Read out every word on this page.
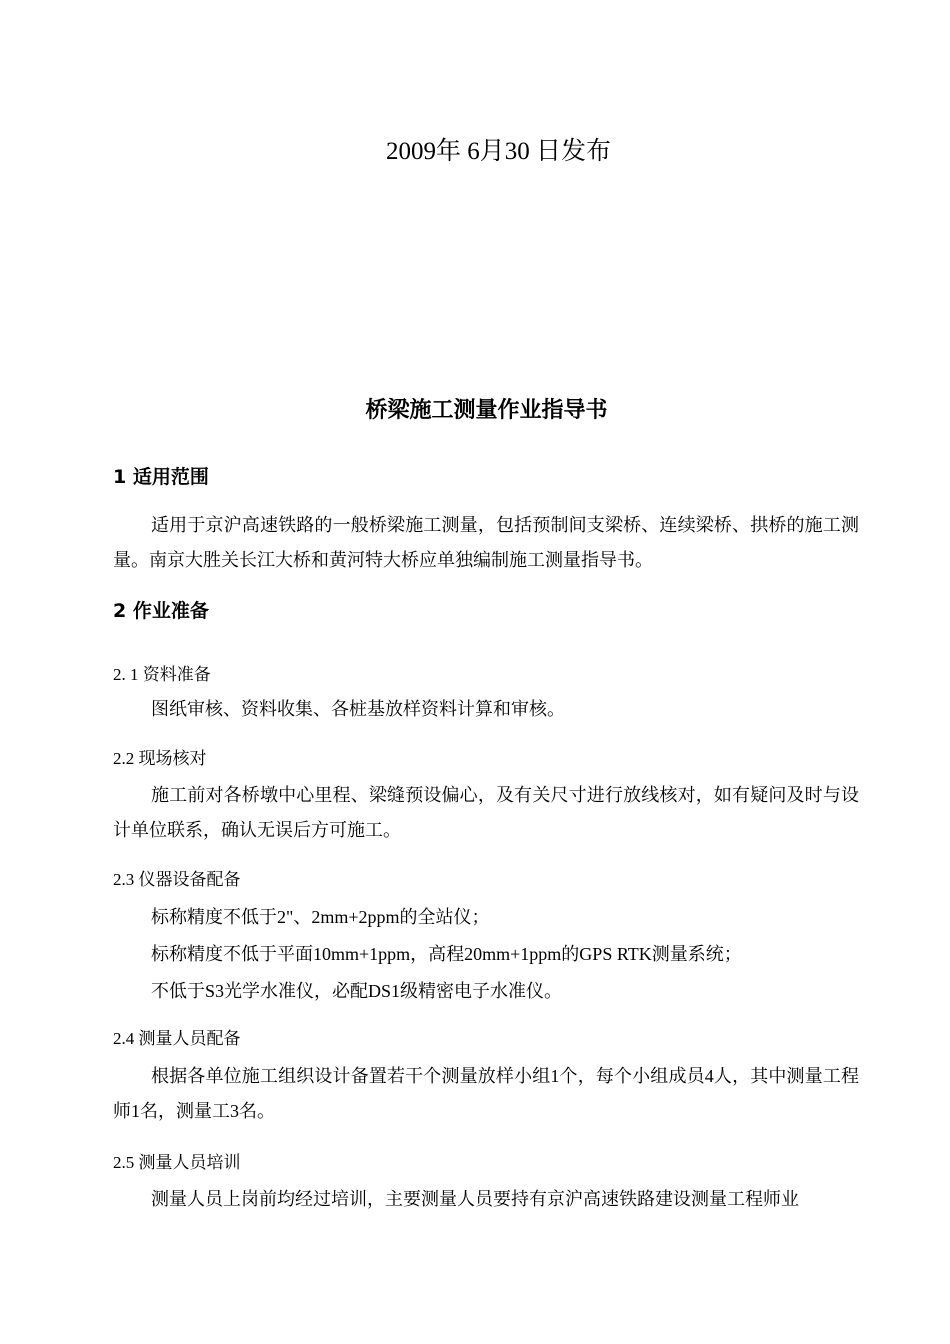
2009年 6月30 日发布
桥梁施工测量作业指导书
1 适用范围

适用于京沪高速铁路的一般桥梁施工测量，包括预制间支梁桥、连续梁桥、拱桥的施工测量。南京大胜关长江大桥和黄河特大桥应单独编制施工测量指导书。

2 作业准备
2. 1 资料准备

图纸审核、资料收集、各桩基放样资料计算和审核。

2.2 现场核对

施工前对各桥墩中心里程、梁缝预设偏心，及有关尺寸进行放线核对，如有疑问及时与设计单位联系，确认无误后方可施工。

2.3 仪器设备配备
标称精度不低于2"、2mm+2ppm的全站仪；
标称精度不低于平面10mm+1ppm，高程20mm+1ppm的GPS RTK测量系统；
不低于S3光学水准仪，必配DS1级精密电子水准仪。
2.4 测量人员配备

根据各单位施工组织设计备置若干个测量放样小组1个，每个小组成员4人，其中测量工程师1名，测量工3名。

2.5 测量人员培训

测量人员上岗前均经过培训，主要测量人员要持有京沪高速铁路建设测量工程师业
